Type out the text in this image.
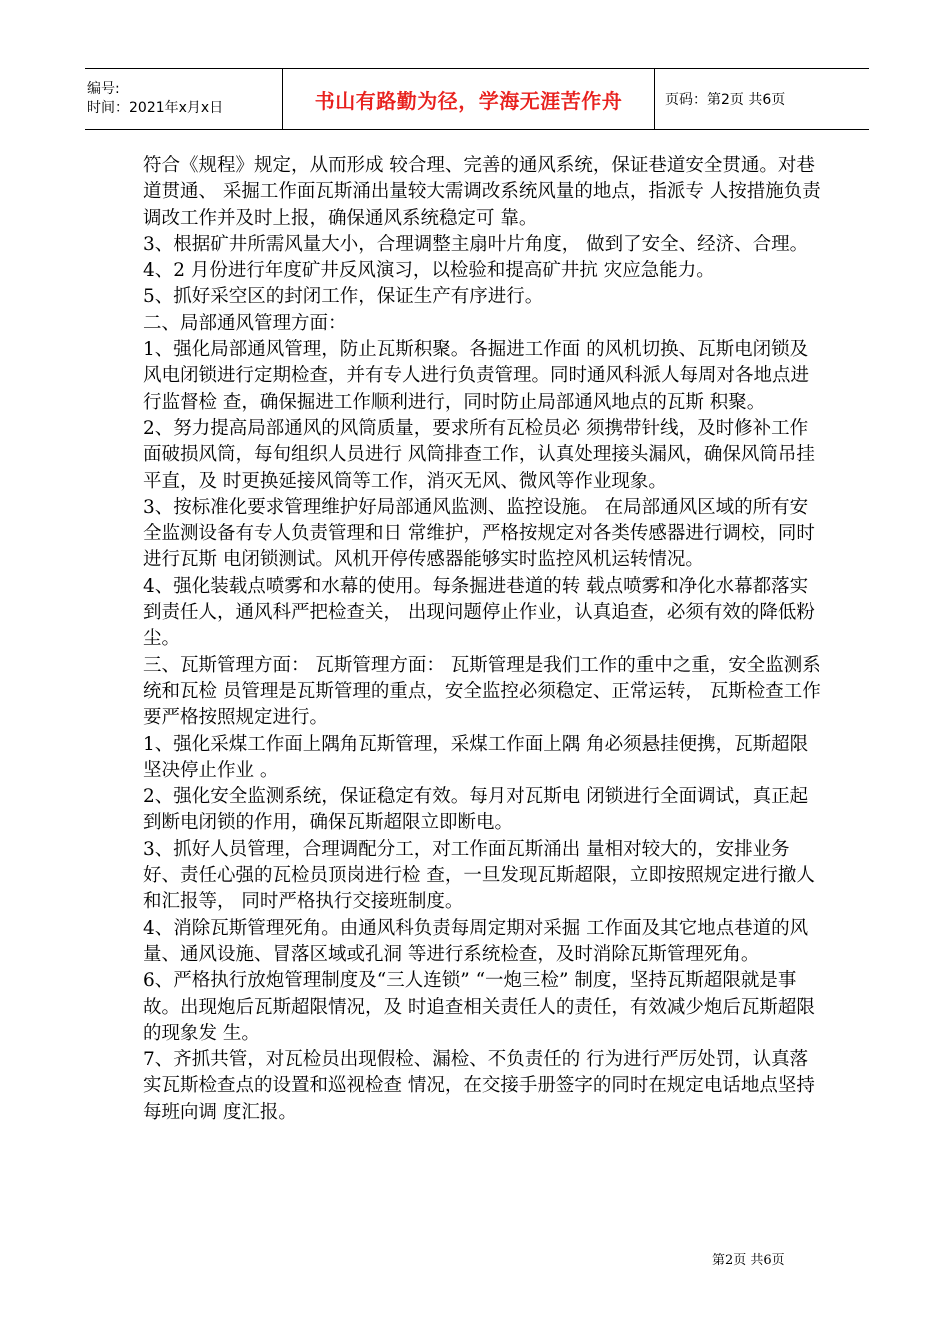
编号:
时间：2021年x月x日	书山有路勤为径，学海无涯苦作舟	页码：第2页 共6页

符合《规程》规定，从而形成 较合理、完善的通风系统，保证巷道安全贯通。对巷道贯通、 采掘工作面瓦斯涌出量较大需调改系统风量的地点，指派专 人按措施负责调改工作并及时上报，确保通风系统稳定可 靠。

3、根据矿井所需风量大小，合理调整主扇叶片角度， 做到了安全、经济、合理。

4、2 月份进行年度矿井反风演习，以检验和提高矿井抗 灾应急能力。

5、抓好采空区的封闭工作，保证生产有序进行。

二、局部通风管理方面：

1、强化局部通风管理，防止瓦斯积聚。各掘进工作面 的风机切换、瓦斯电闭锁及风电闭锁进行定期检查，并有专人进行负责管理。同时通风科派人每周对各地点进行监督检 查，确保掘进工作顺利进行，同时防止局部通风地点的瓦斯 积聚。

2、努力提高局部通风的风筒质量，要求所有瓦检员必 须携带针线，及时修补工作面破损风筒，每旬组织人员进行 风筒排查工作，认真处理接头漏风，确保风筒吊挂平直，及 时更换延接风筒等工作，消灭无风、微风等作业现象。

3、按标准化要求管理维护好局部通风监测、监控设施。 在局部通风区域的所有安全监测设备有专人负责管理和日 常维护，严格按规定对各类传感器进行调校，同时进行瓦斯 电闭锁测试。风机开停传感器能够实时监控风机运转情况。

4、强化装载点喷雾和水幕的使用。每条掘进巷道的转 载点喷雾和净化水幕都落实到责任人，通风科严把检查关， 出现问题停止作业，认真追查，必须有效的降低粉尘。

三、瓦斯管理方面： 瓦斯管理方面： 瓦斯管理是我们工作的重中之重，安全监测系统和瓦检 员管理是瓦斯管理的重点，安全监控必须稳定、正常运转， 瓦斯检查工作要严格按照规定进行。

1、强化采煤工作面上隅角瓦斯管理，采煤工作面上隅 角必须悬挂便携，瓦斯超限坚决停止作业 。

2、强化安全监测系统，保证稳定有效。每月对瓦斯电 闭锁进行全面调试，真正起到断电闭锁的作用，确保瓦斯超限立即断电。

3、抓好人员管理，合理调配分工，对工作面瓦斯涌出 量相对较大的，安排业务好、责任心强的瓦检员顶岗进行检 查，一旦发现瓦斯超限，立即按照规定进行撤人和汇报等， 同时严格执行交接班制度。

4、消除瓦斯管理死角。由通风科负责每周定期对采掘 工作面及其它地点巷道的风量、通风设施、冒落区域或孔洞 等进行系统检查，及时消除瓦斯管理死角。

6、严格执行放炮管理制度及“三人连锁” “一炮三检” 制度，坚持瓦斯超限就是事故。出现炮后瓦斯超限情况，及 时追查相关责任人的责任，有效减少炮后瓦斯超限的现象发 生。

7、齐抓共管，对瓦检员出现假检、漏检、不负责任的 行为进行严厉处罚，认真落实瓦斯检查点的设置和巡视检查 情况，在交接手册签字的同时在规定电话地点坚持每班向调 度汇报。

第2页 共6页
